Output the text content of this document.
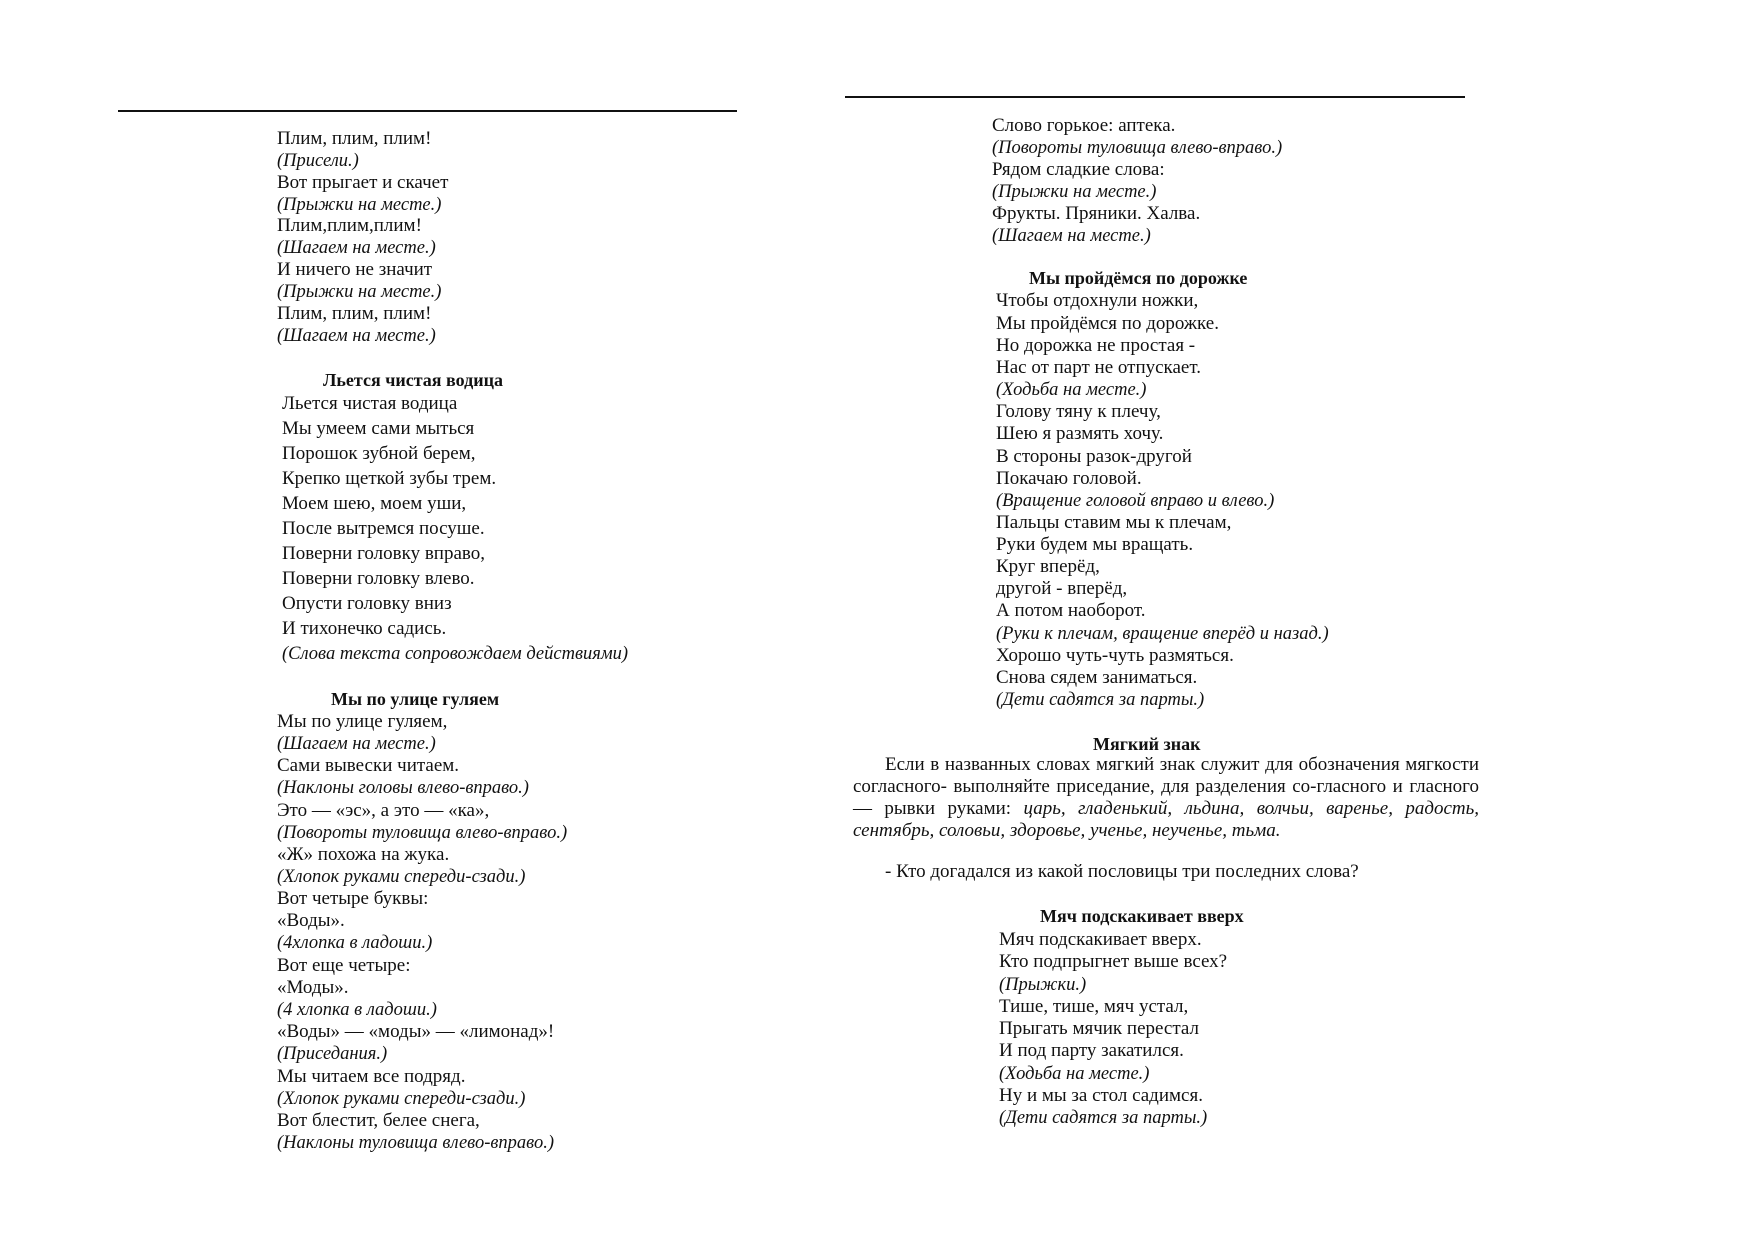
Плим, плим, плим!
(Присели.)
Вот прыгает и скачет
(Прыжки на месте.)
Плим,плим,плим!
(Шагаем на месте.)
И ничего не значит
(Прыжки на месте.)
Плим, плим, плим!
(Шагаем на месте.)
Льется чистая водица
Льется чистая водица
Мы умеем сами мыться
Порошок зубной берем,
Крепко щеткой зубы трем.
Моем шею, моем уши,
После вытремся посуше.
Поверни головку вправо,
Поверни головку влево.
Опусти головку вниз
И тихонечко садись.
(Слова текста сопровождаем действиями)
Мы по улице гуляем
Мы по улице гуляем,
(Шагаем на месте.)
Сами вывески читаем.
(Наклоны головы влево-вправо.)
Это — «эс», а это — «ка»,
(Повороты туловища влево-вправо.)
«Ж» похожа на жука.
(Хлопок руками спереди-сзади.)
Вот четыре буквы:
«Воды».
(4хлопка в ладоши.)
Вот еще четыре:
«Моды».
(4 хлопка в ладоши.)
«Воды» — «моды» — «лимонад»!
(Приседания.)
Мы читаем все подряд.
(Хлопок руками спереди-сзади.)
Вот блестит, белее снега,
(Наклоны туловища влево-вправо.)
Слово горькое: аптека.
(Повороты туловища влево-вправо.)
Рядом сладкие слова:
(Прыжки на месте.)
Фрукты. Пряники. Халва.
(Шагаем на месте.)
Мы пройдёмся по дорожке
Чтобы отдохнули ножки,
Мы пройдёмся по дорожке.
Но дорожка не простая -
Нас от парт не отпускает.
(Ходьба на месте.)
Голову тяну к плечу,
Шею я размять хочу.
В стороны разок-другой
Покачаю головой.
(Вращение головой вправо и влево.)
Пальцы ставим мы к плечам,
Руки будем мы вращать.
Круг вперёд,
другой - вперёд,
А потом наоборот.
(Руки к плечам, вращение вперёд и назад.)
Хорошо чуть-чуть размяться.
Снова сядем заниматься.
(Дети садятся за парты.)
Мягкий знак
Мяч подскакивает вверх
Мяч подскакивает вверх.
Кто подпрыгнет выше всех?
(Прыжки.)
Тише, тише, мяч устал,
Прыгать мячик перестал
И под парту закатился.
(Ходьба на месте.)
Ну и мы за стол садимся.
(Дети садятся за парты.)
Если в названных словах мягкий знак служит для обозначения мягкости согласного- выполняйте приседание, для разделения со-гласного и гласного — рывки руками: царь, гладенький, льдина, волчьи, варенье, радость, сентябрь, соловьи, здоровье, ученье, неученье, тьма.
- Кто догадался из какой пословицы три последних слова?
